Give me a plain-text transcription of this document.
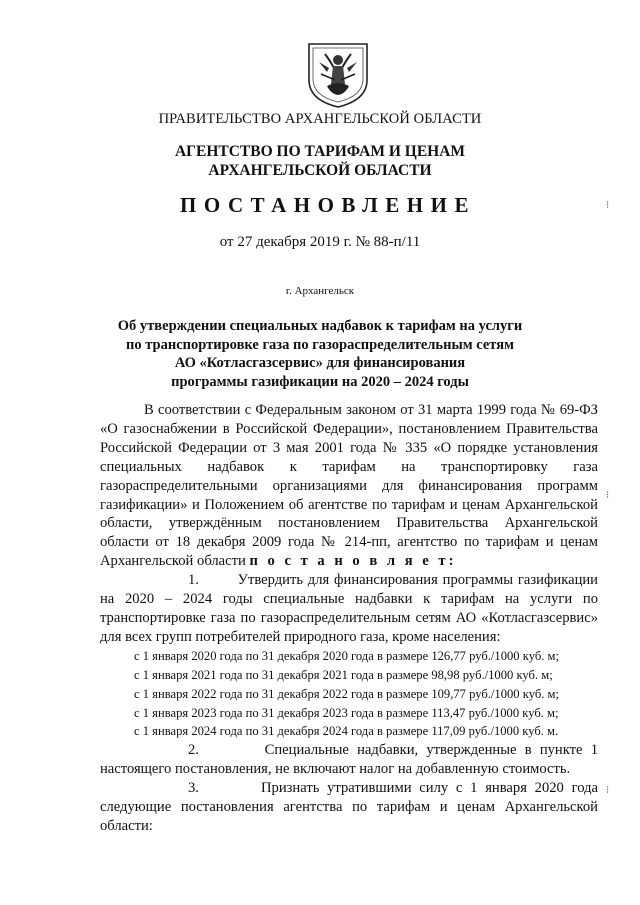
ПРАВИТЕЛЬСТВО АРХАНГЕЛЬСКОЙ ОБЛАСТИ
АГЕНТСТВО ПО ТАРИФАМ И ЦЕНАМ
АРХАНГЕЛЬСКОЙ ОБЛАСТИ
ПОСТАНОВЛЕНИЕ
от 27 декабря 2019 г. № 88-п/11
г. Архангельск
Об утверждении специальных надбавок к тарифам на услуги
по транспортировке газа по газораспределительным сетям
АО «Котласгазсервис» для финансирования
программы газификации на 2020 – 2024 годы

В соответствии с Федеральным законом от 31 марта 1999 года № 69-ФЗ «О газоснабжении в Российской Федерации», постановлением Правительства Российской Федерации от 3 мая 2001 года № 335 «О порядке установления специальных надбавок к тарифам на транспортировку газа газораспределительными организациями для финансирования программ газификации» и Положением об агентстве по тарифам и ценам Архангельской области, утверждённым постановлением Правительства Архангельской области от 18 декабря 2009 года № 214-пп, агентство по тарифам и ценам Архангельской области п о с т а н о в л я е т:

1.	Утвердить для финансирования программы газификации на 2020 – 2024 годы специальные надбавки к тарифам на услуги по транспортировке газа по газораспределительным сетям АО «Котласгазсервис» для всех групп потребителей природного газа, кроме населения:

с 1 января 2020 года по 31 декабря 2020 года в размере 126,77 руб./1000 куб. м;
с 1 января 2021 года по 31 декабря 2021 года в размере 98,98 руб./1000 куб. м;
с 1 января 2022 года по 31 декабря 2022 года в размере 109,77 руб./1000 куб. м;
с 1 января 2023 года по 31 декабря 2023 года в размере 113,47 руб./1000 куб. м;
с 1 января 2024 года по 31 декабря 2024 года в размере 117,09 руб./1000 куб. м.

2.	Специальные надбавки, утвержденные в пункте 1 настоящего постановления, не включают налог на добавленную стоимость.

3.	Признать утратившими силу с 1 января 2020 года следующие постановления агентства по тарифам и ценам Архангельской области:

⁝
⁝
⁝
